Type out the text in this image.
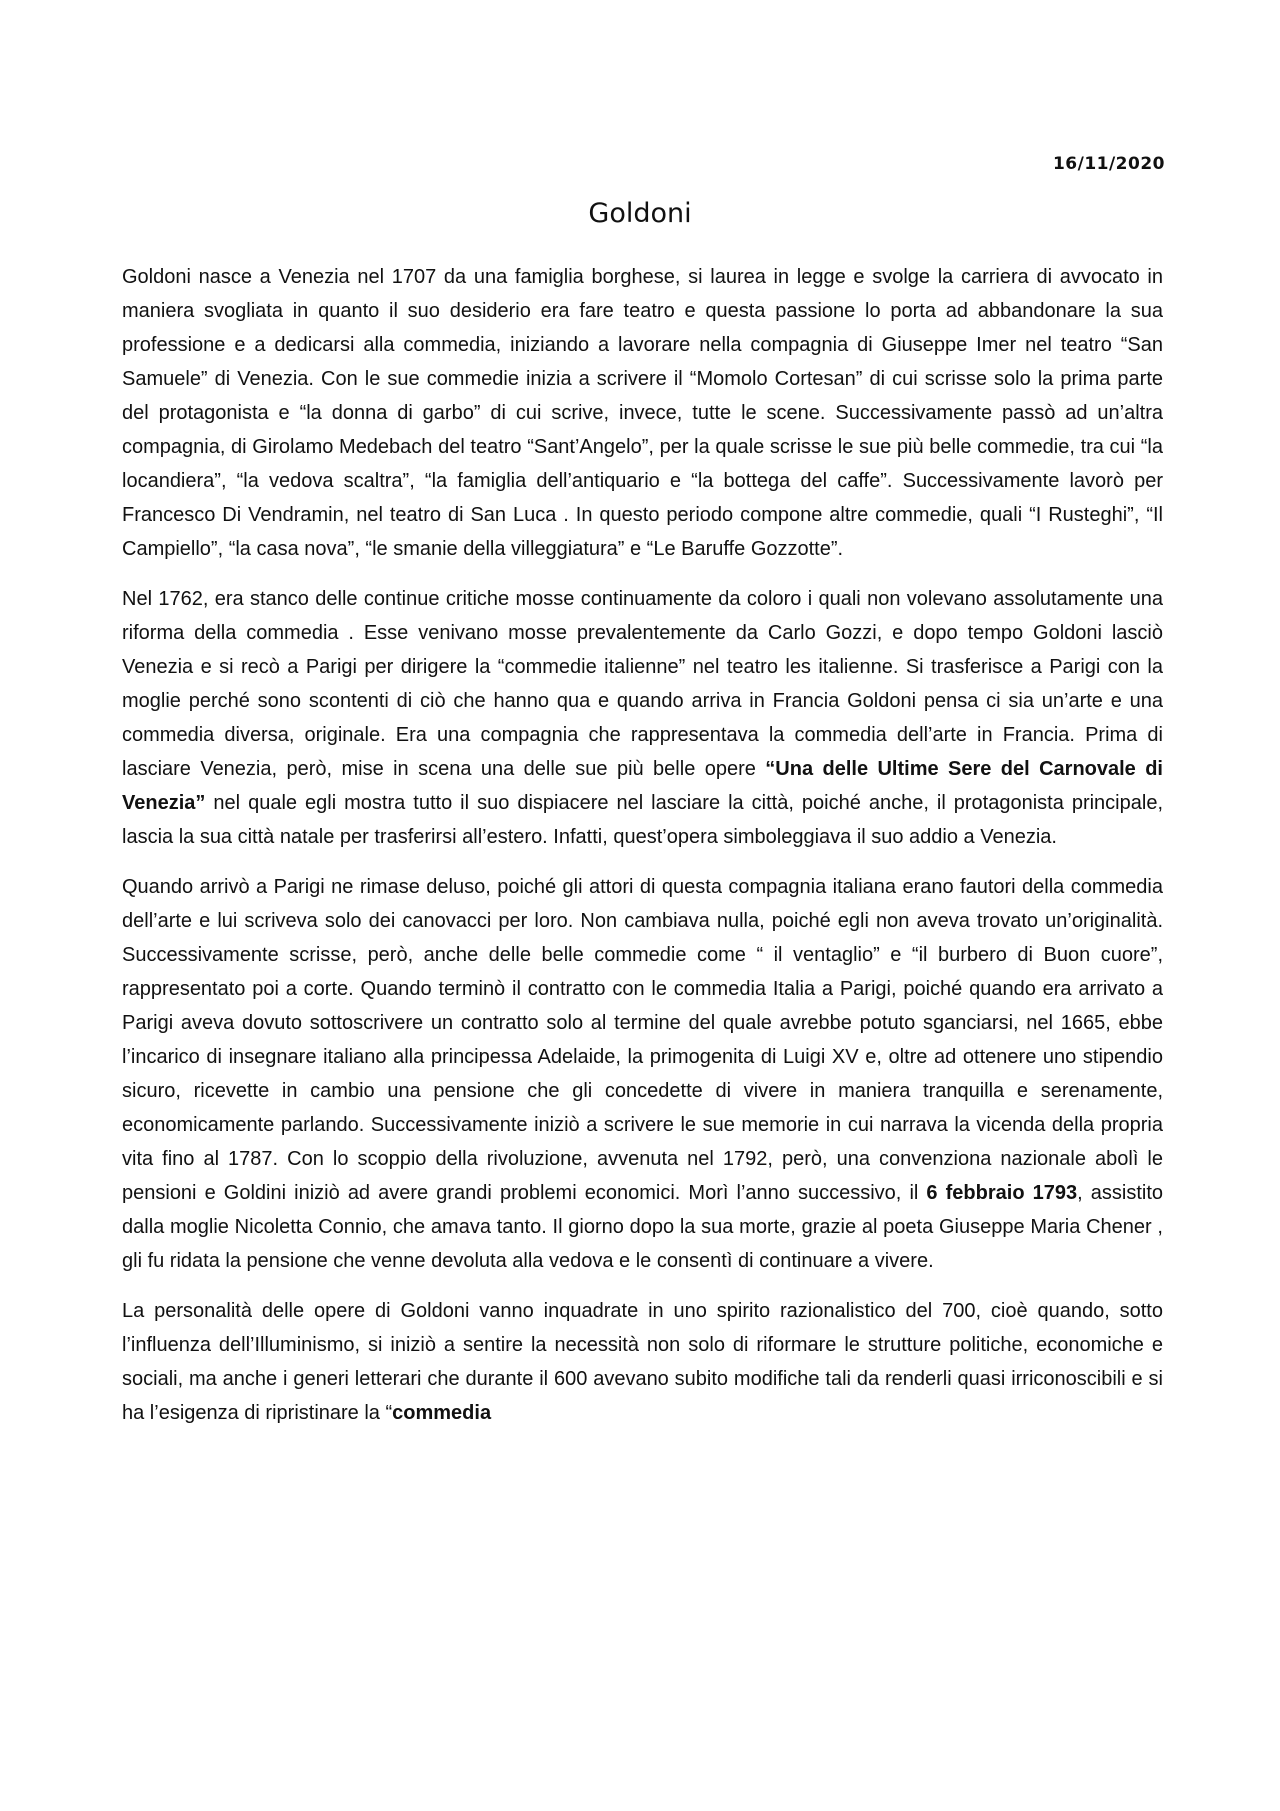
16/11/2020
Goldoni

Goldoni nasce a Venezia nel 1707 da una famiglia borghese, si laurea in legge e svolge la carriera di avvocato in maniera svogliata in quanto il suo desiderio era fare teatro e questa passione lo porta ad abbandonare la sua professione e a dedicarsi alla commedia, iniziando a lavorare nella compagnia di Giuseppe Imer nel teatro “San Samuele” di Venezia. Con le sue commedie inizia a scrivere il “Momolo Cortesan” di cui scrisse solo la prima parte del protagonista e “la donna di garbo” di cui scrive, invece, tutte le scene. Successivamente passò ad un’altra compagnia, di Girolamo Medebach del teatro “Sant’Angelo”, per la quale scrisse le sue più belle commedie, tra cui “la locandiera”, “la vedova scaltra”, “la famiglia dell’antiquario e “la bottega del caffe”. Successivamente lavorò per Francesco Di Vendramin, nel teatro di San Luca . In questo periodo compone altre commedie, quali “I Rusteghi”, “Il Campiello”, “la casa nova”, “le smanie della villeggiatura” e “Le Baruffe Gozzotte”.

Nel 1762, era stanco delle continue critiche mosse continuamente da coloro i quali non volevano assolutamente una riforma della commedia . Esse venivano mosse prevalentemente da Carlo Gozzi, e dopo tempo Goldoni lasciò Venezia e si recò a Parigi per dirigere la “commedie italienne” nel teatro les italienne. Si trasferisce a Parigi con la moglie perché sono scontenti di ciò che hanno qua e quando arriva in Francia Goldoni pensa ci sia un’arte e una commedia diversa, originale. Era una compagnia che rappresentava la commedia dell’arte in Francia. Prima di lasciare Venezia, però, mise in scena una delle sue più belle opere “Una delle Ultime Sere del Carnovale di Venezia” nel quale egli mostra tutto il suo dispiacere nel lasciare la città, poiché anche, il protagonista principale, lascia la sua città natale per trasferirsi all’estero. Infatti, quest’opera simboleggiava il suo addio a Venezia.

Quando arrivò a Parigi ne rimase deluso, poiché gli attori di questa compagnia italiana erano fautori della commedia dell’arte e lui scriveva solo dei canovacci per loro. Non cambiava nulla, poiché egli non aveva trovato un’originalità. Successivamente scrisse, però, anche delle belle commedie come “ il ventaglio” e “il burbero di Buon cuore”, rappresentato poi a corte. Quando terminò il contratto con le commedia Italia a Parigi, poiché quando era arrivato a Parigi aveva dovuto sottoscrivere un contratto solo al termine del quale avrebbe potuto sganciarsi, nel 1665, ebbe l’incarico di insegnare italiano alla principessa Adelaide, la primogenita di Luigi XV e, oltre ad ottenere uno stipendio sicuro, ricevette in cambio una pensione che gli concedette di vivere in maniera tranquilla e serenamente, economicamente parlando. Successivamente iniziò a scrivere le sue memorie in cui narrava la vicenda della propria vita fino al 1787. Con lo scoppio della rivoluzione, avvenuta nel 1792, però, una convenziona nazionale abolì le pensioni e Goldini iniziò ad avere grandi problemi economici. Morì l’anno successivo, il 6 febbraio 1793, assistito dalla moglie Nicoletta Connio, che amava tanto. Il giorno dopo la sua morte, grazie al poeta Giuseppe Maria Chener , gli fu ridata la pensione che venne devoluta alla vedova e le consentì di continuare a vivere.

La personalità delle opere di Goldoni vanno inquadrate in uno spirito razionalistico del 700, cioè quando, sotto l’influenza dell’Illuminismo, si iniziò a sentire la necessità non solo di riformare le strutture politiche, economiche e sociali, ma anche i generi letterari che durante il 600 avevano subito modifiche tali da renderli quasi irriconoscibili e si ha l’esigenza di ripristinare la “commedia
